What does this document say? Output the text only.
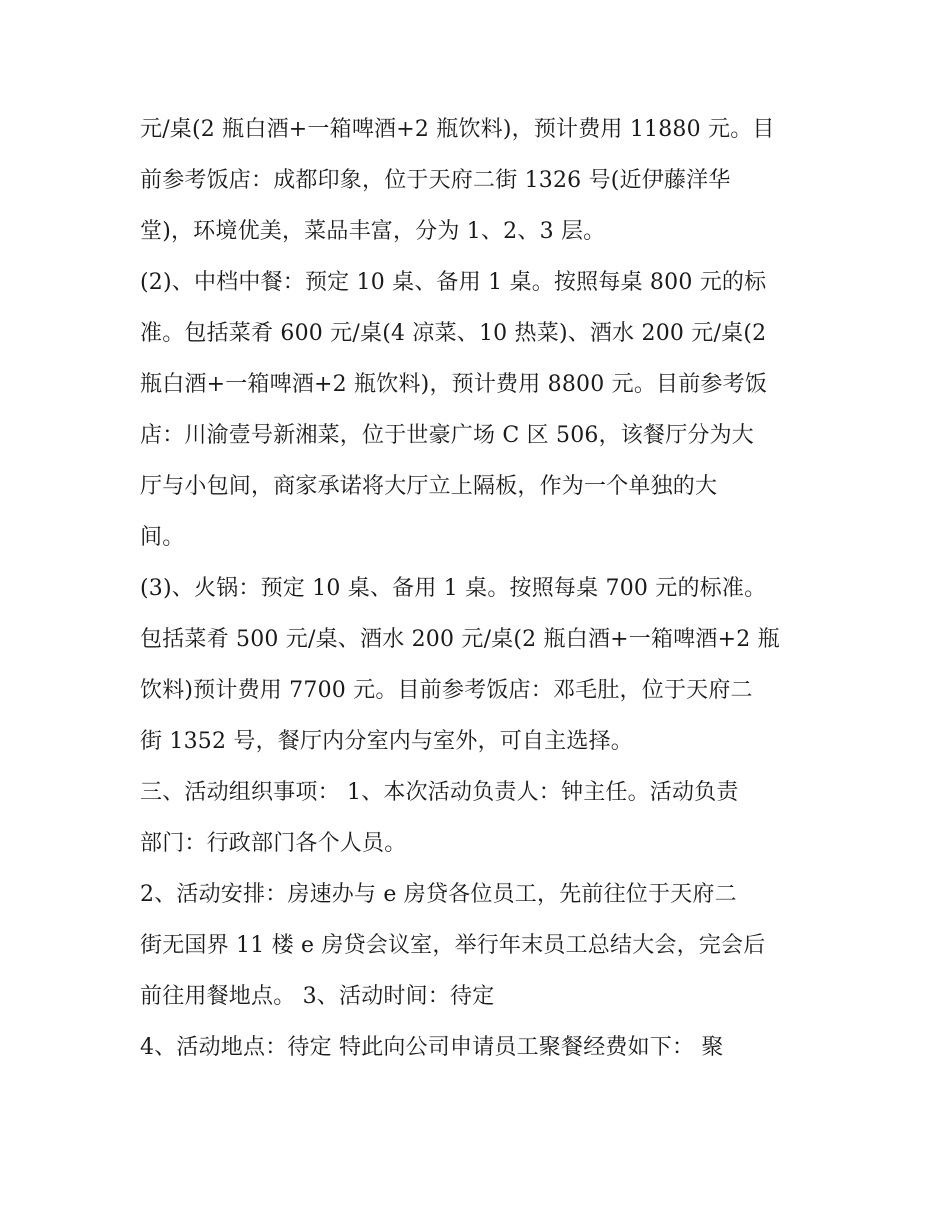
元/桌(2 瓶白酒+一箱啤酒+2 瓶饮料)，预计费用 11880 元。目
前参考饭店：成都印象，位于天府二街 1326 号(近伊藤洋华
堂)，环境优美，菜品丰富，分为 1、2、3 层。
(2)、中档中餐：预定 10 桌、备用 1 桌。按照每桌 800 元的标
准。包括菜肴 600 元/桌(4 凉菜、10 热菜)、酒水 200 元/桌(2
瓶白酒+一箱啤酒+2 瓶饮料)，预计费用 8800 元。目前参考饭
店：川渝壹号新湘菜，位于世豪广场 C 区 506，该餐厅分为大
厅与小包间，商家承诺将大厅立上隔板，作为一个单独的大
间。
(3)、火锅：预定 10 桌、备用 1 桌。按照每桌 700 元的标准。
包括菜肴 500 元/桌、酒水 200 元/桌(2 瓶白酒+一箱啤酒+2 瓶
饮料)预计费用 7700 元。目前参考饭店：邓毛肚，位于天府二
街 1352 号，餐厅内分室内与室外，可自主选择。
三、活动组织事项： 1、本次活动负责人：钟主任。活动负责
部门：行政部门各个人员。
2、活动安排：房速办与 e 房贷各位员工，先前往位于天府二
街无国界 11 楼 e 房贷会议室，举行年末员工总结大会，完会后
前往用餐地点。 3、活动时间：待定
4、活动地点：待定 特此向公司申请员工聚餐经费如下： 聚
